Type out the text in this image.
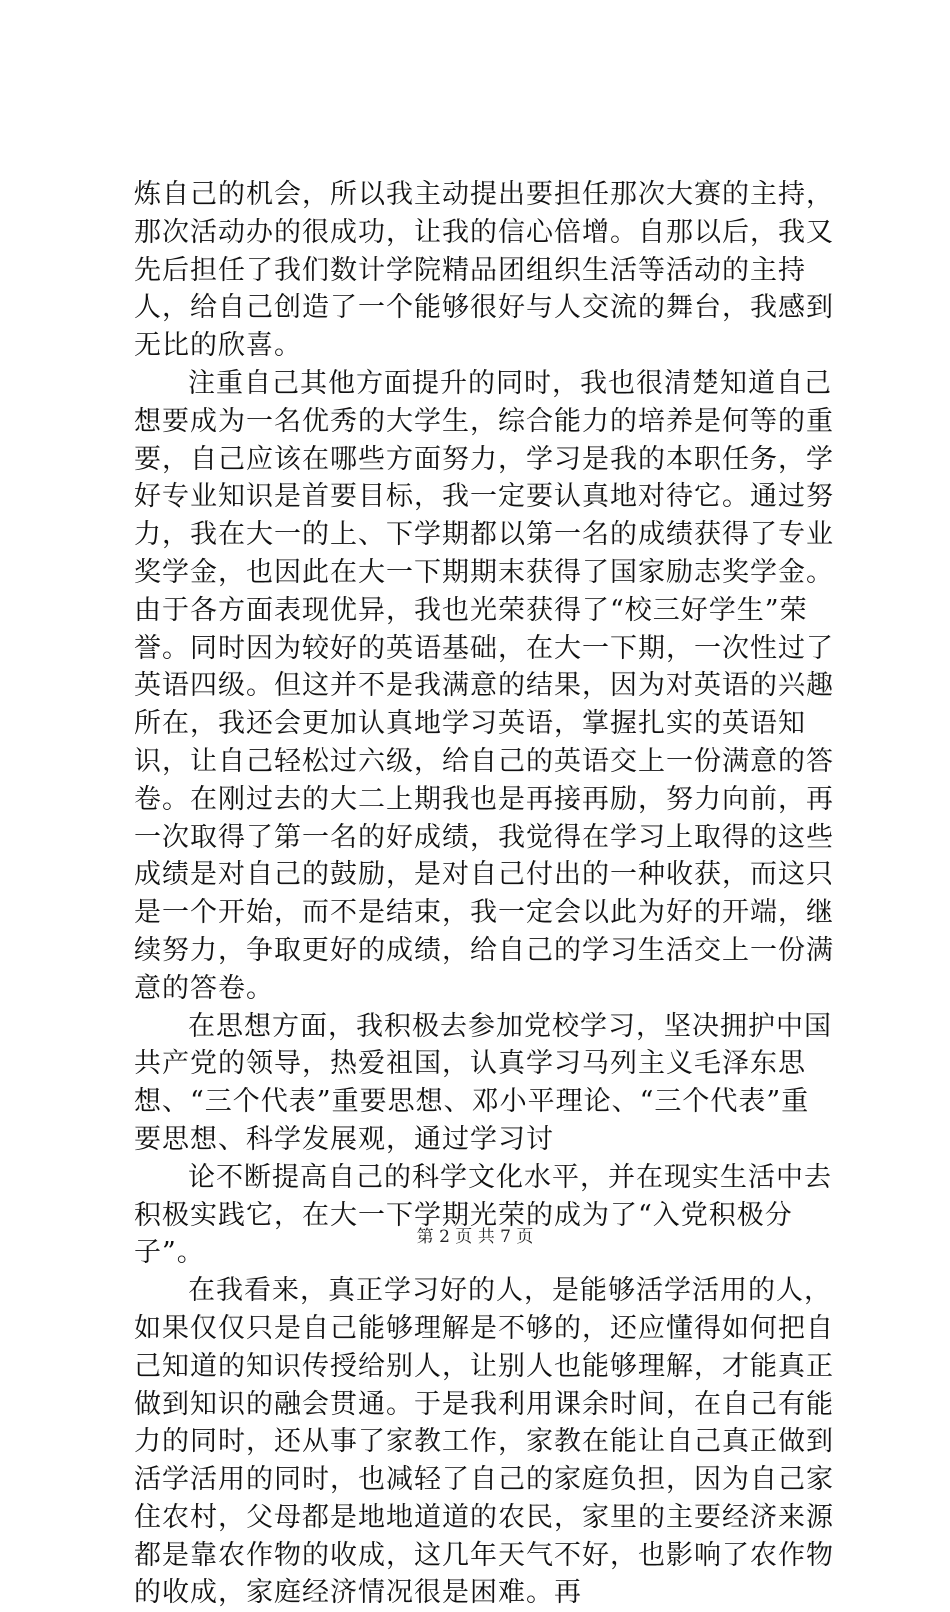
炼自己的机会，所以我主动提出要担任那次大赛的主持，那次活动办的很成功，让我的信心倍增。自那以后，我又先后担任了我们数计学院精品团组织生活等活动的主持人，给自己创造了一个能够很好与人交流的舞台，我感到无比的欣喜。

注重自己其他方面提升的同时，我也很清楚知道自己想要成为一名优秀的大学生，综合能力的培养是何等的重要，自己应该在哪些方面努力，学习是我的本职任务，学好专业知识是首要目标，我一定要认真地对待它。通过努力，我在大一的上、下学期都以第一名的成绩获得了专业奖学金，也因此在大一下期期末获得了国家励志奖学金。由于各方面表现优异，我也光荣获得了“校三好学生”荣誉。同时因为较好的英语基础，在大一下期，一次性过了英语四级。但这并不是我满意的结果，因为对英语的兴趣所在，我还会更加认真地学习英语，掌握扎实的英语知识，让自己轻松过六级，给自己的英语交上一份满意的答卷。在刚过去的大二上期我也是再接再励，努力向前，再一次取得了第一名的好成绩，我觉得在学习上取得的这些成绩是对自己的鼓励，是对自己付出的一种收获，而这只是一个开始，而不是结束，我一定会以此为好的开端，继续努力，争取更好的成绩，给自己的学习生活交上一份满意的答卷。

在思想方面，我积极去参加党校学习，坚决拥护中国共产党的领导，热爱祖国，认真学习马列主义毛泽东思想、“三个代表”重要思想、邓小平理论、“三个代表”重要思想、科学发展观，通过学习讨

论不断提高自己的科学文化水平，并在现实生活中去积极实践它，在大一下学期光荣的成为了“入党积极分子”。

在我看来，真正学习好的人，是能够活学活用的人，如果仅仅只是自己能够理解是不够的，还应懂得如何把自己知道的知识传授给别人，让别人也能够理解，才能真正做到知识的融会贯通。于是我利用课余时间，在自己有能力的同时，还从事了家教工作，家教在能让自己真正做到活学活用的同时，也减轻了自己的家庭负担，因为自己家住农村，父母都是地地道道的农民，家里的主要经济来源都是靠农作物的收成，这几年天气不好，也影响了农作物的收成，家庭经济情况很是困难。再

第 2 页 共 7 页
